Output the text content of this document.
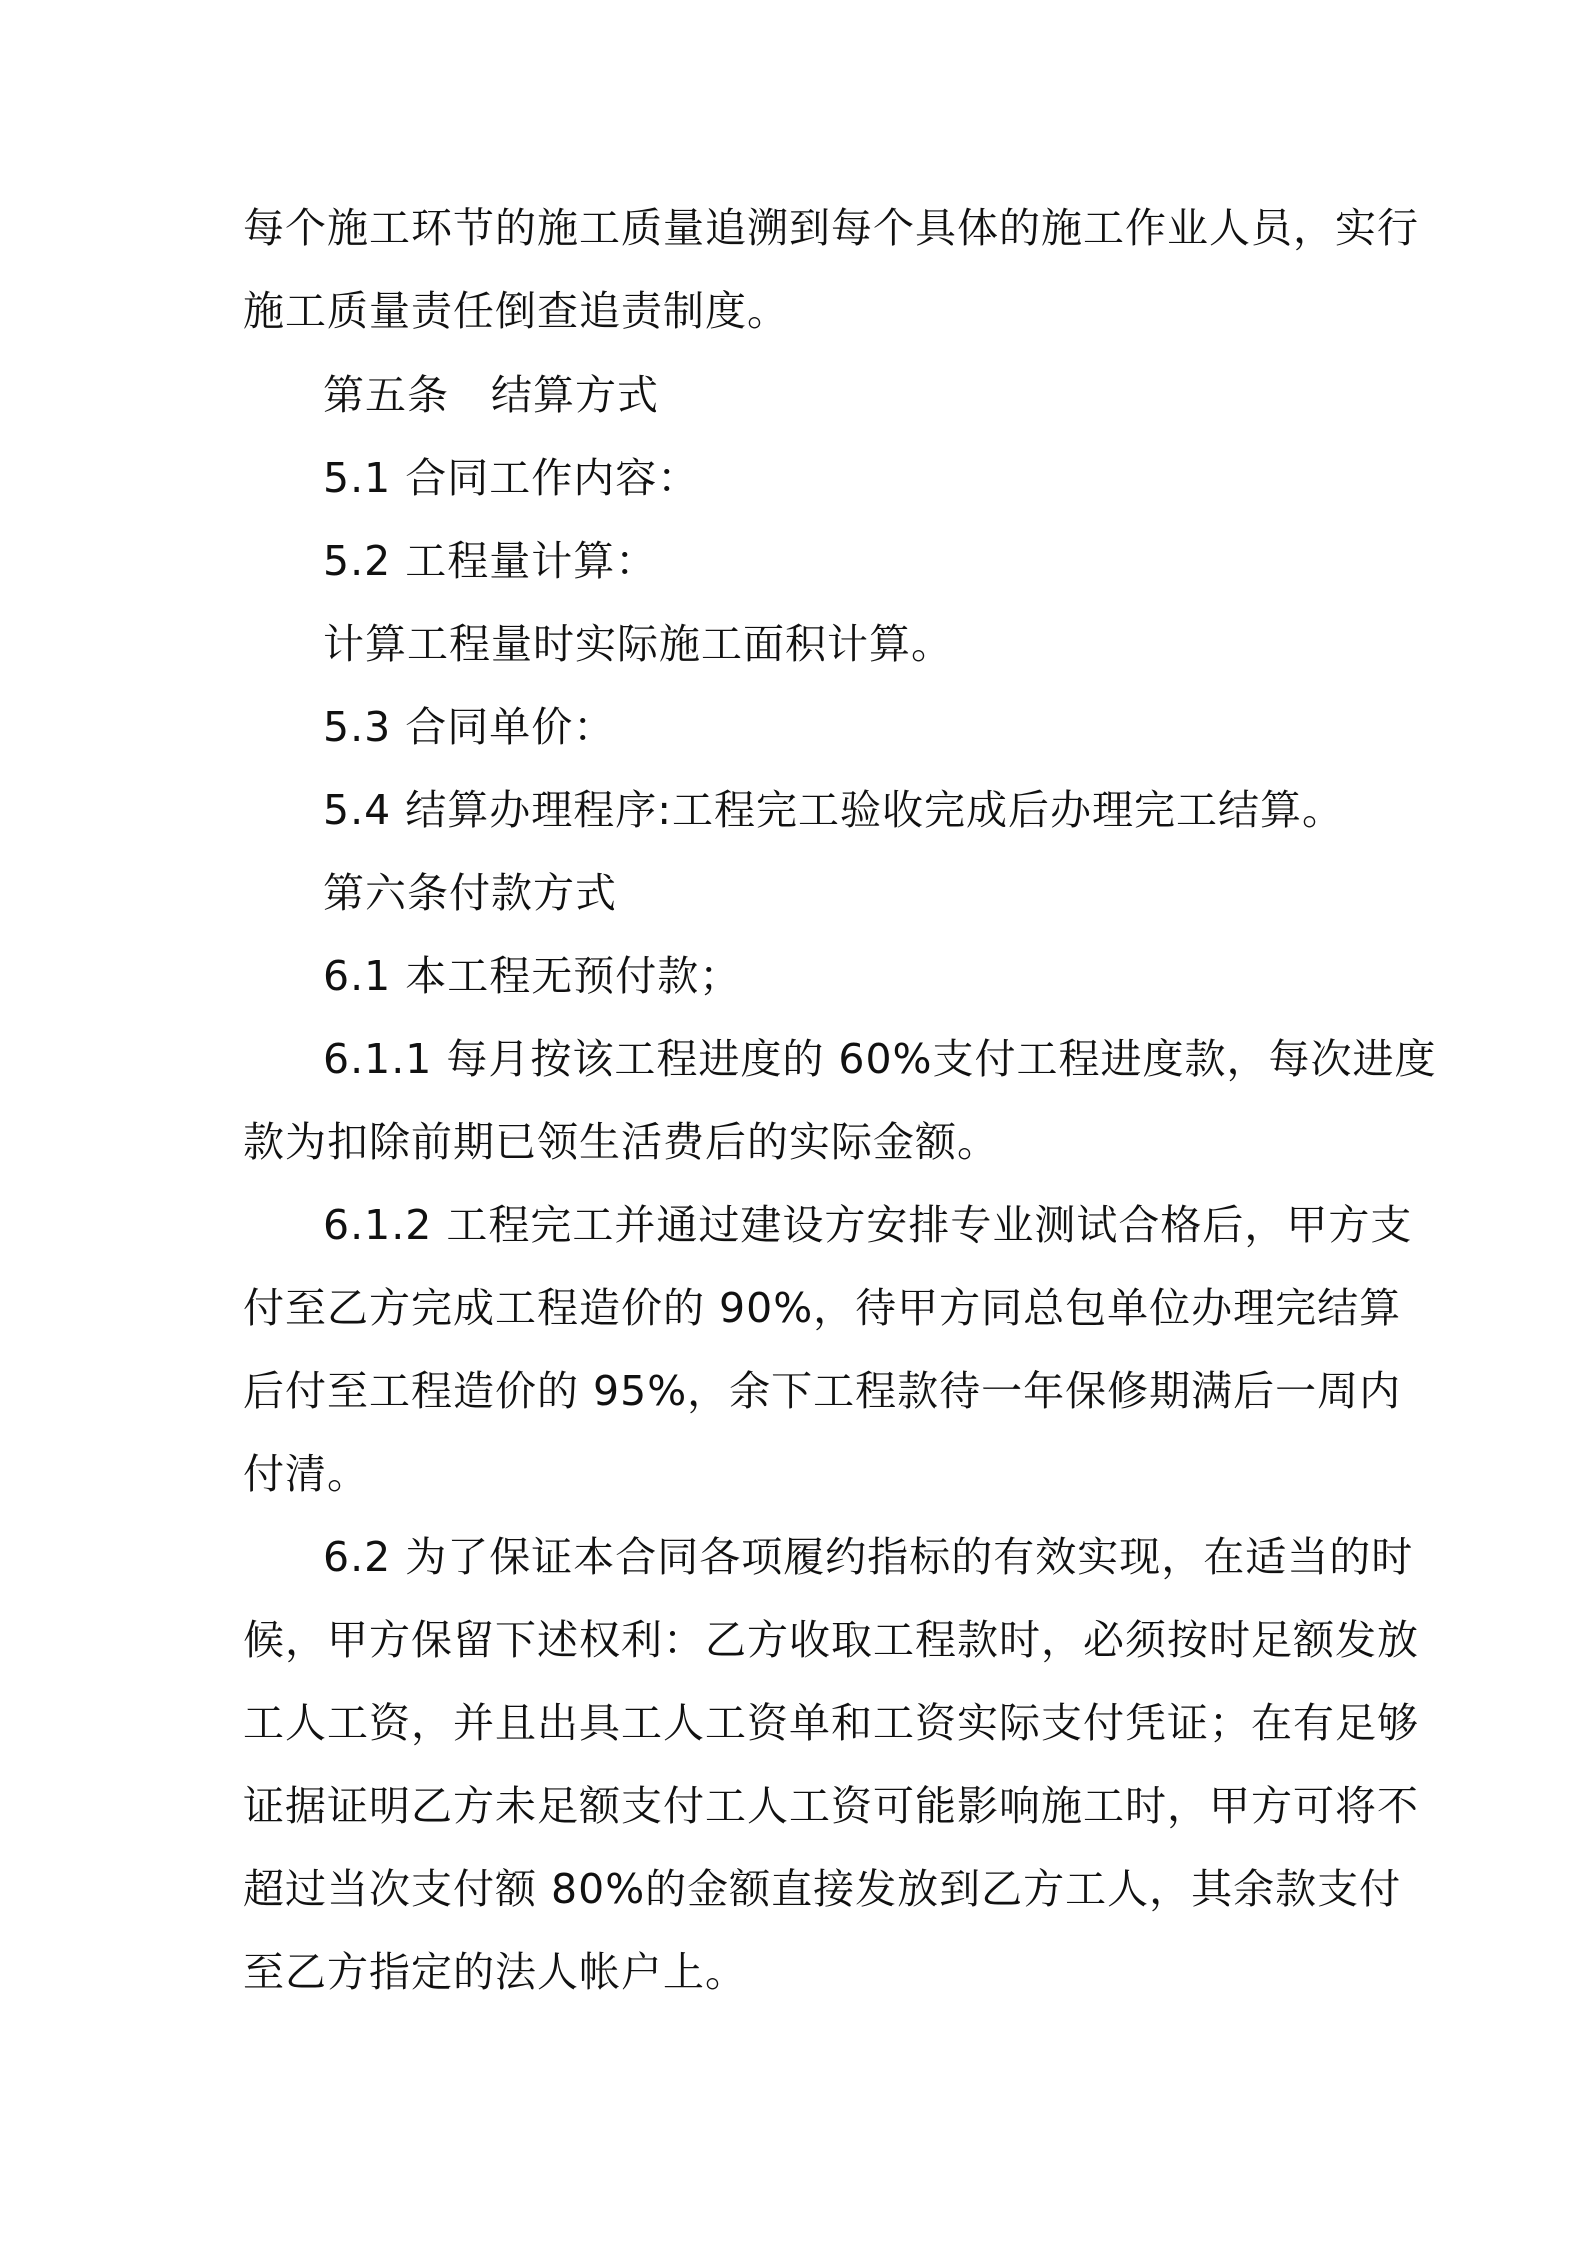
每个施工环节的施工质量追溯到每个具体的施工作业人员，实行
施工质量责任倒查追责制度。
第五条　结算方式
5.1 合同工作内容：
5.2 工程量计算：
计算工程量时实际施工面积计算。
5.3 合同单价：
5.4 结算办理程序:工程完工验收完成后办理完工结算。
第六条付款方式
6.1 本工程无预付款；
6.1.1 每月按该工程进度的 60%支付工程进度款，每次进度
款为扣除前期已领生活费后的实际金额。
6.1.2 工程完工并通过建设方安排专业测试合格后，甲方支
付至乙方完成工程造价的 90%，待甲方同总包单位办理完结算
后付至工程造价的 95%，余下工程款待一年保修期满后一周内
付清。
6.2 为了保证本合同各项履约指标的有效实现，在适当的时
候，甲方保留下述权利：乙方收取工程款时，必须按时足额发放
工人工资，并且出具工人工资单和工资实际支付凭证；在有足够
证据证明乙方未足额支付工人工资可能影响施工时，甲方可将不
超过当次支付额 80%的金额直接发放到乙方工人，其余款支付
至乙方指定的法人帐户上。
